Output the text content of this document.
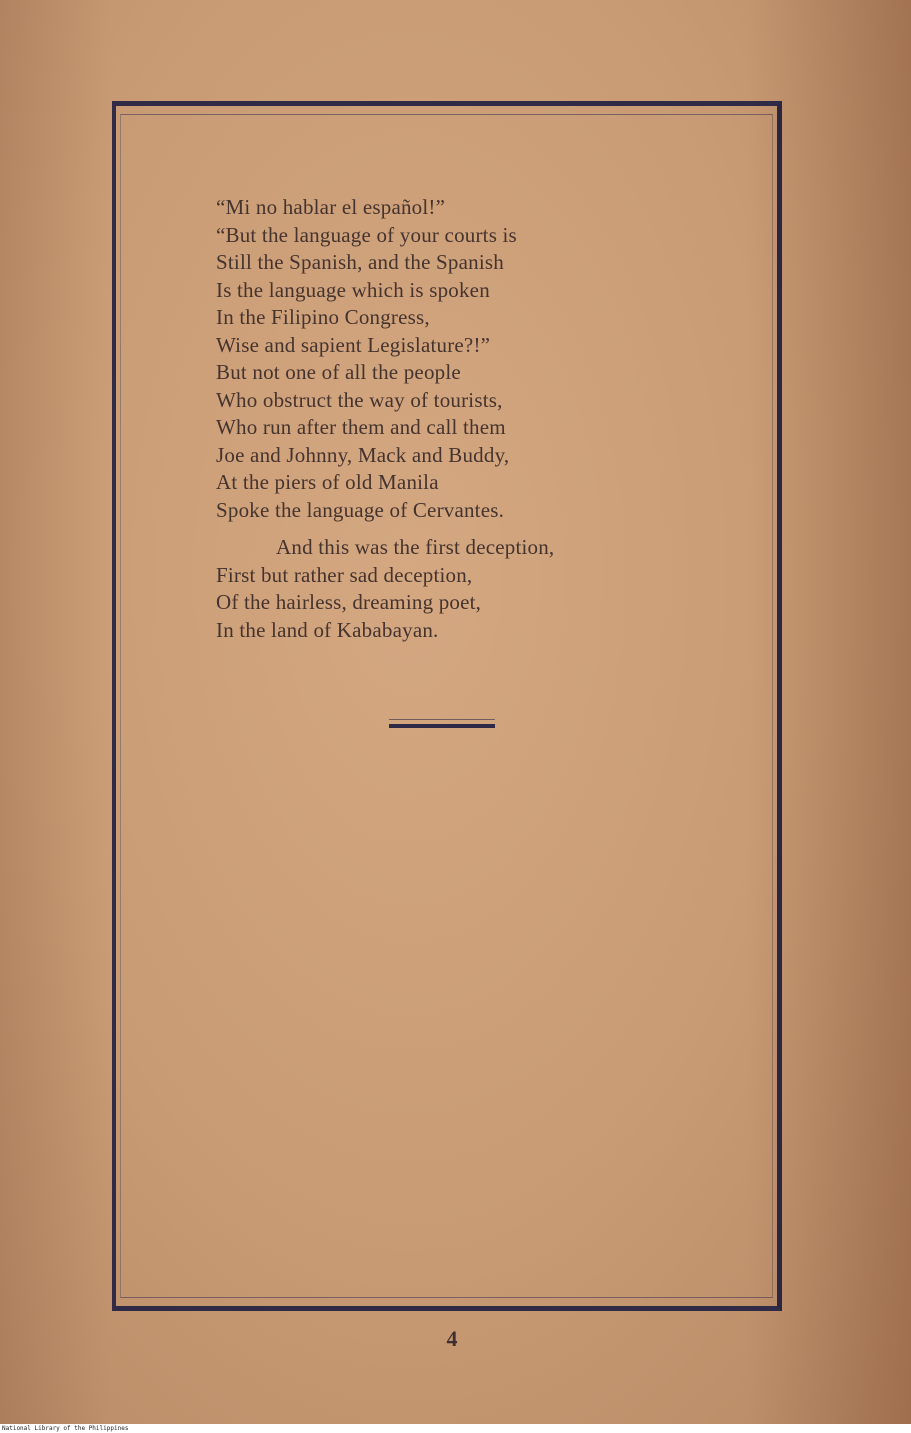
“Mi no hablar el español!”
“But the language of your courts is
Still the Spanish, and the Spanish
Is the language which is spoken
In the Filipino Congress,
Wise and sapient Legislature?!”
But not one of all the people
Who obstruct the way of tourists,
Who run after them and call them
Joe and Johnny, Mack and Buddy,
At the piers of old Manila
Spoke the language of Cervantes.

And this was the first deception,
First but rather sad deception,
Of the hairless, dreaming poet,
In the land of Kababayan.

4
National Library of the Philippines
